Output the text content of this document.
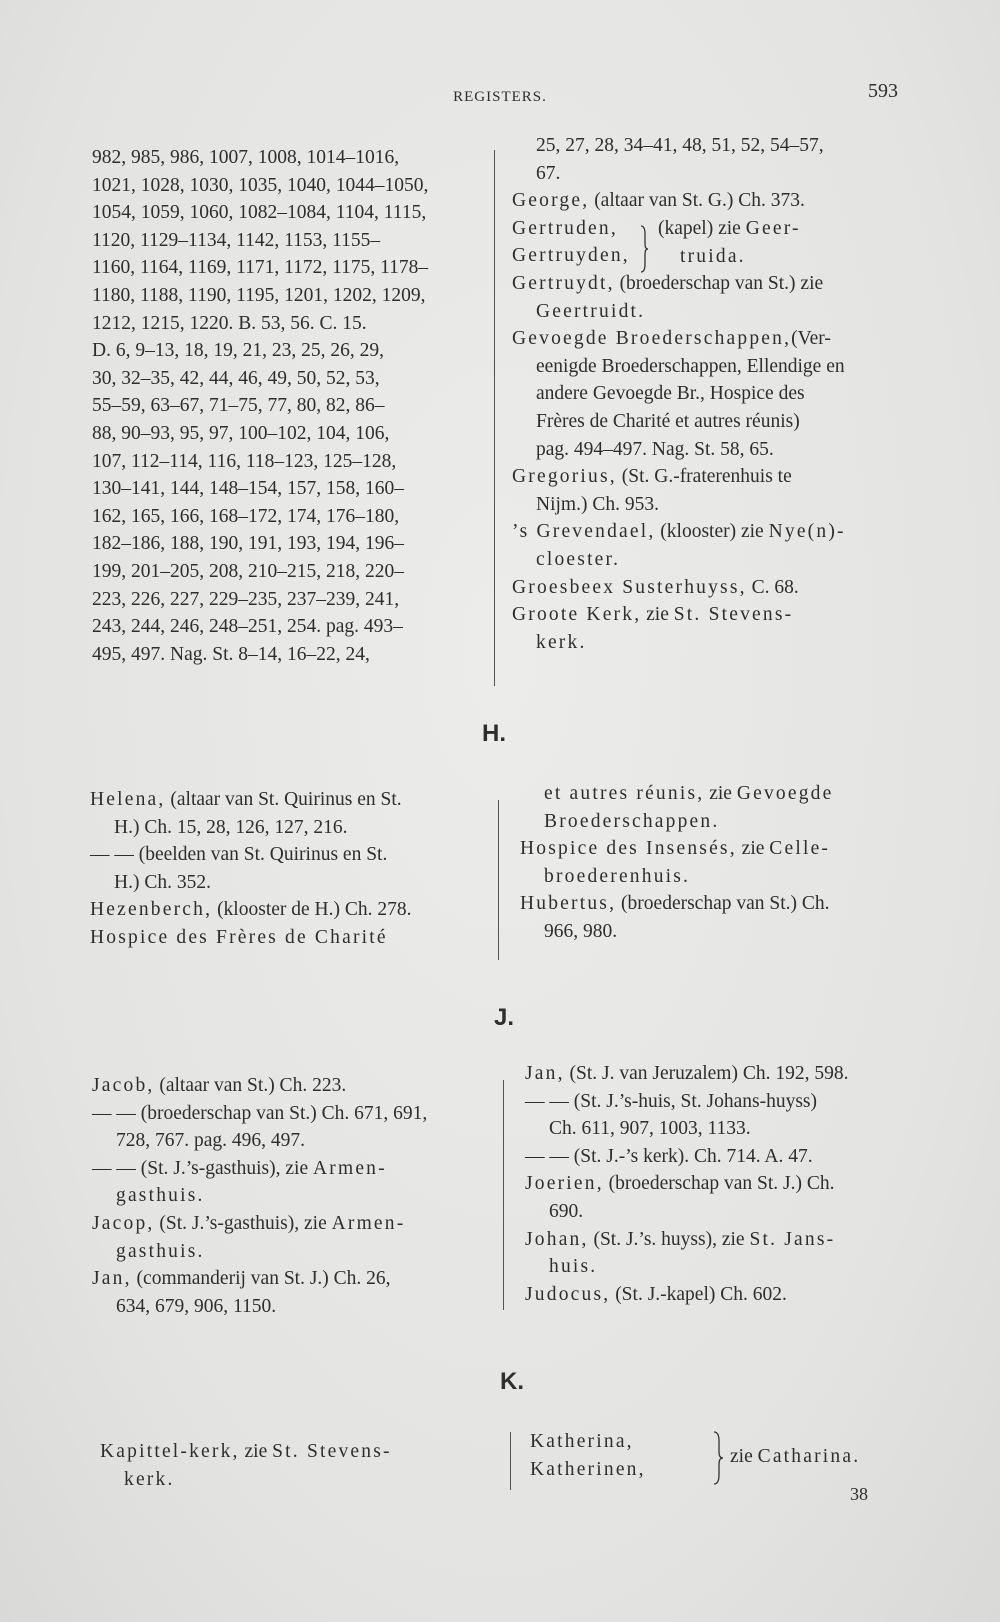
REGISTERS.	593
982, 985, 986, 1007, 1008, 1014–1016,
1021, 1028, 1030, 1035, 1040, 1044–1050,
1054, 1059, 1060, 1082–1084, 1104, 1115,
1120, 1129–1134, 1142, 1153, 1155–
1160, 1164, 1169, 1171, 1172, 1175, 1178–
1180, 1188, 1190, 1195, 1201, 1202, 1209,
1212, 1215, 1220. B. 53, 56. C. 15.
D. 6, 9–13, 18, 19, 21, 23, 25, 26, 29,
30, 32–35, 42, 44, 46, 49, 50, 52, 53,
55–59, 63–67, 71–75, 77, 80, 82, 86–
88, 90–93, 95, 97, 100–102, 104, 106,
107, 112–114, 116, 118–123, 125–128,
130–141, 144, 148–154, 157, 158, 160–
162, 165, 166, 168–172, 174, 176–180,
182–186, 188, 190, 191, 193, 194, 196–
199, 201–205, 208, 210–215, 218, 220–
223, 226, 227, 229–235, 237–239, 241,
243, 244, 246, 248–251, 254. pag. 493–
495, 497. Nag. St. 8–14, 16–22, 24,
25, 27, 28, 34–41, 48, 51, 52, 54–57,
67.
George, (altaar van St. G.) Ch. 373.
Gertruden,
Gertruyden,
Gertruydt, (broederschap van St.) zie
Geertruidt.
Gevoegde Broederschappen,(Ver-
eenigde Broederschappen, Ellendige en
andere Gevoegde Br., Hospice des
Frères de Charité et autres réunis)
pag. 494–497. Nag. St. 58, 65.
Gregorius, (St. G.-fraterenhuis te
Nijm.) Ch. 953.
’s Grevendael, (klooster) zie Nye(n)-
cloester.
Groesbeex Susterhuyss, C. 68.
Groote Kerk, zie St. Stevens-
kerk.
(kapel) zie Geer-
truida.
H.
Helena, (altaar van St. Quirinus en St.
H.) Ch. 15, 28, 126, 127, 216.
— — (beelden van St. Quirinus en St.
H.) Ch. 352.
Hezenberch, (klooster de H.) Ch. 278.
Hospice des Frères de Charité
et autres réunis, zie Gevoegde
Broederschappen.
Hospice des Insensés, zie Celle-
broederenhuis.
Hubertus, (broederschap van St.) Ch.
966, 980.
J.
Jacob, (altaar van St.) Ch. 223.
— — (broederschap van St.) Ch. 671, 691,
728, 767. pag. 496, 497.
— — (St. J.’s-gasthuis), zie Armen-
gasthuis.
Jacop, (St. J.’s-gasthuis), zie Armen-
gasthuis.
Jan, (commanderij van St. J.) Ch. 26,
634, 679, 906, 1150.
Jan, (St. J. van Jeruzalem) Ch. 192, 598.
— — (St. J.’s-huis, St. Johans-huyss)
Ch. 611, 907, 1003, 1133.
— — (St. J.-’s kerk). Ch. 714. A. 47.
Joerien, (broederschap van St. J.) Ch.
690.
Johan, (St. J.’s. huyss), zie St. Jans-
huis.
Judocus, (St. J.-kapel) Ch. 602.
K.
Kapittel-kerk, zie St. Stevens-
kerk.
Katherina,
Katherinen,
zie Catharina.
38
